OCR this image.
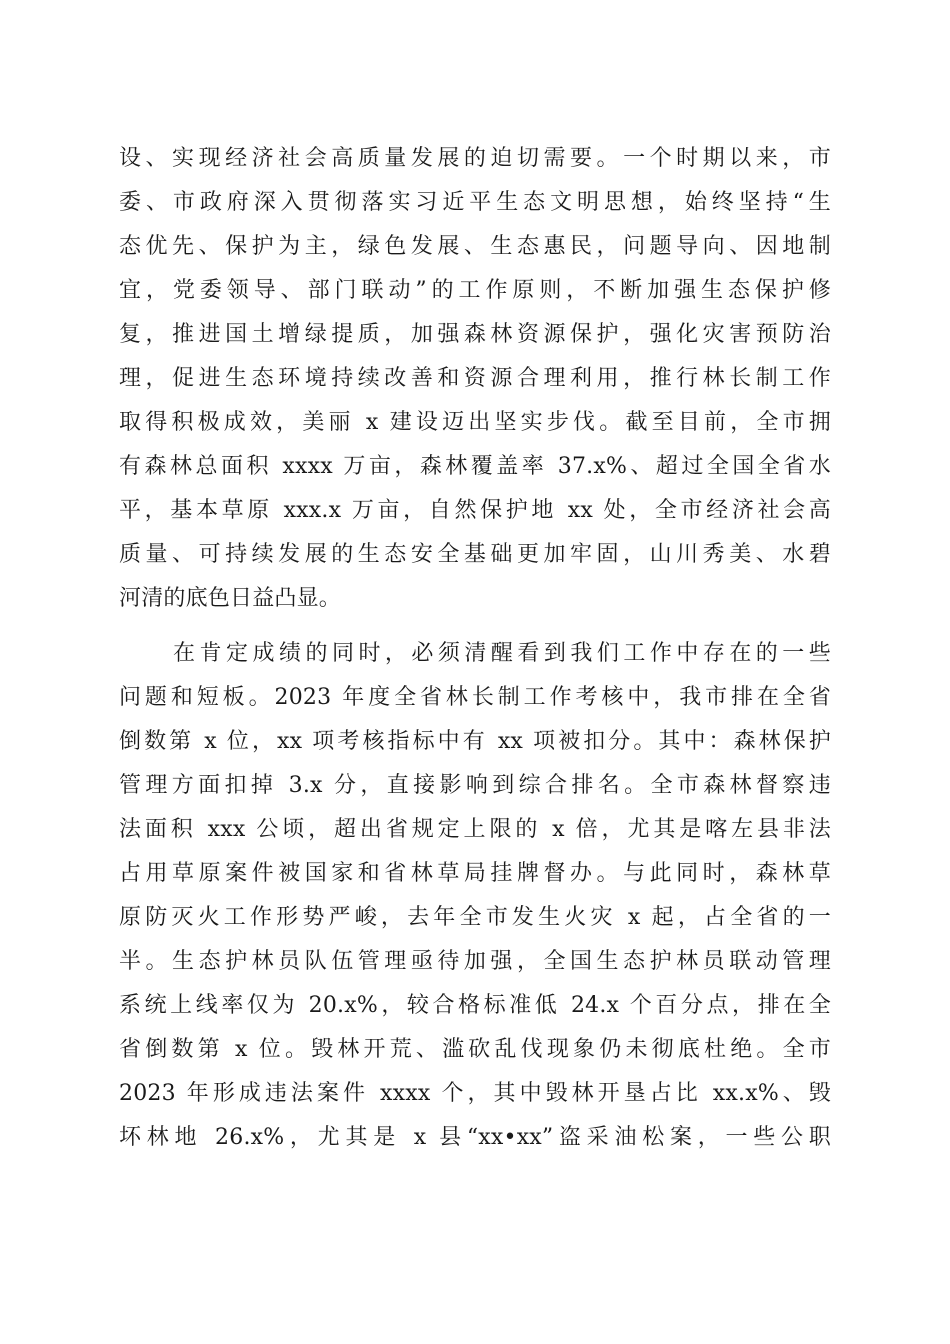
设、实现经济社会高质量发展的迫切需要。一个时期以来，市
委、市政府深入贯彻落实习近平生态文明思想，始终坚持“生
态优先、保护为主，绿色发展、生态惠民，问题导向、因地制
宜，党委领导、部门联动”的工作原则，不断加强生态保护修
复，推进国土增绿提质，加强森林资源保护，强化灾害预防治
理，促进生态环境持续改善和资源合理利用，推行林长制工作
取得积极成效，美丽 x 建设迈出坚实步伐。截至目前，全市拥
有森林总面积 xxxx 万亩，森林覆盖率 37.x%、超过全国全省水
平，基本草原 xxx.x 万亩，自然保护地 xx 处，全市经济社会高
质量、可持续发展的生态安全基础更加牢固，山川秀美、水碧
河清的底色日益凸显。
在肯定成绩的同时，必须清醒看到我们工作中存在的一些
问题和短板。2023 年度全省林长制工作考核中，我市排在全省
倒数第 x 位，xx 项考核指标中有 xx 项被扣分。其中：森林保护
管理方面扣掉 3.x 分，直接影响到综合排名。全市森林督察违
法面积 xxx 公顷，超出省规定上限的 x 倍，尤其是喀左县非法
占用草原案件被国家和省林草局挂牌督办。与此同时，森林草
原防灭火工作形势严峻，去年全市发生火灾 x 起，占全省的一
半。生态护林员队伍管理亟待加强，全国生态护林员联动管理
系统上线率仅为 20.x%，较合格标准低 24.x 个百分点，排在全
省倒数第 x 位。毁林开荒、滥砍乱伐现象仍未彻底杜绝。全市
2023 年形成违法案件 xxxx 个，其中毁林开垦占比 xx.x%、毁
坏林地 26.x%，尤其是 x 县“xx•xx”盗采油松案，一些公职
